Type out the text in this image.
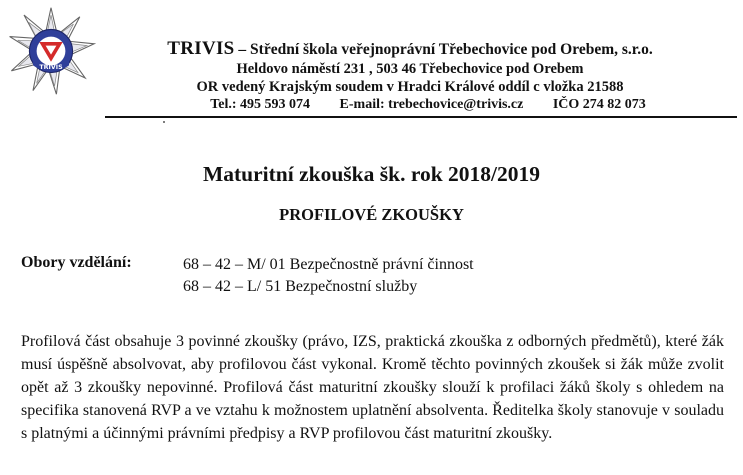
TRIVIS
TRIVIS – Střední škola veřejnoprávní Třebechovice pod Orebem, s.r.o.
Heldovo náměstí 231 , 503 46 Třebechovice pod Orebem
OR vedený Krajským soudem v Hradci Králové oddíl c vložka 21588
Tel.: 495 593 074 E-mail: trebechovice@trivis.cz IČO 274 82 073
Maturitní zkouška šk. rok 2018/2019
PROFILOVÉ ZKOUŠKY
Obory vzdělání:	68 – 42 – M/ 01 Bezpečnostně právní činnost
68 – 42 – L/ 51 Bezpečnostní služby
Profilová část obsahuje 3 povinné zkoušky (právo, IZS, praktická zkouška z odborných předmětů), které žák musí úspěšně absolvovat, aby profilovou část vykonal. Kromě těchto povinných zkoušek si žák může zvolit opět až 3 zkoušky nepovinné. Profilová část maturitní zkoušky slouží k profilaci žáků školy s ohledem na specifika stanovená RVP a ve vztahu k možnostem uplatnění absolventa. Ředitelka školy stanovuje v souladu s platnými a účinnými právními předpisy a RVP profilovou část maturitní zkoušky.
